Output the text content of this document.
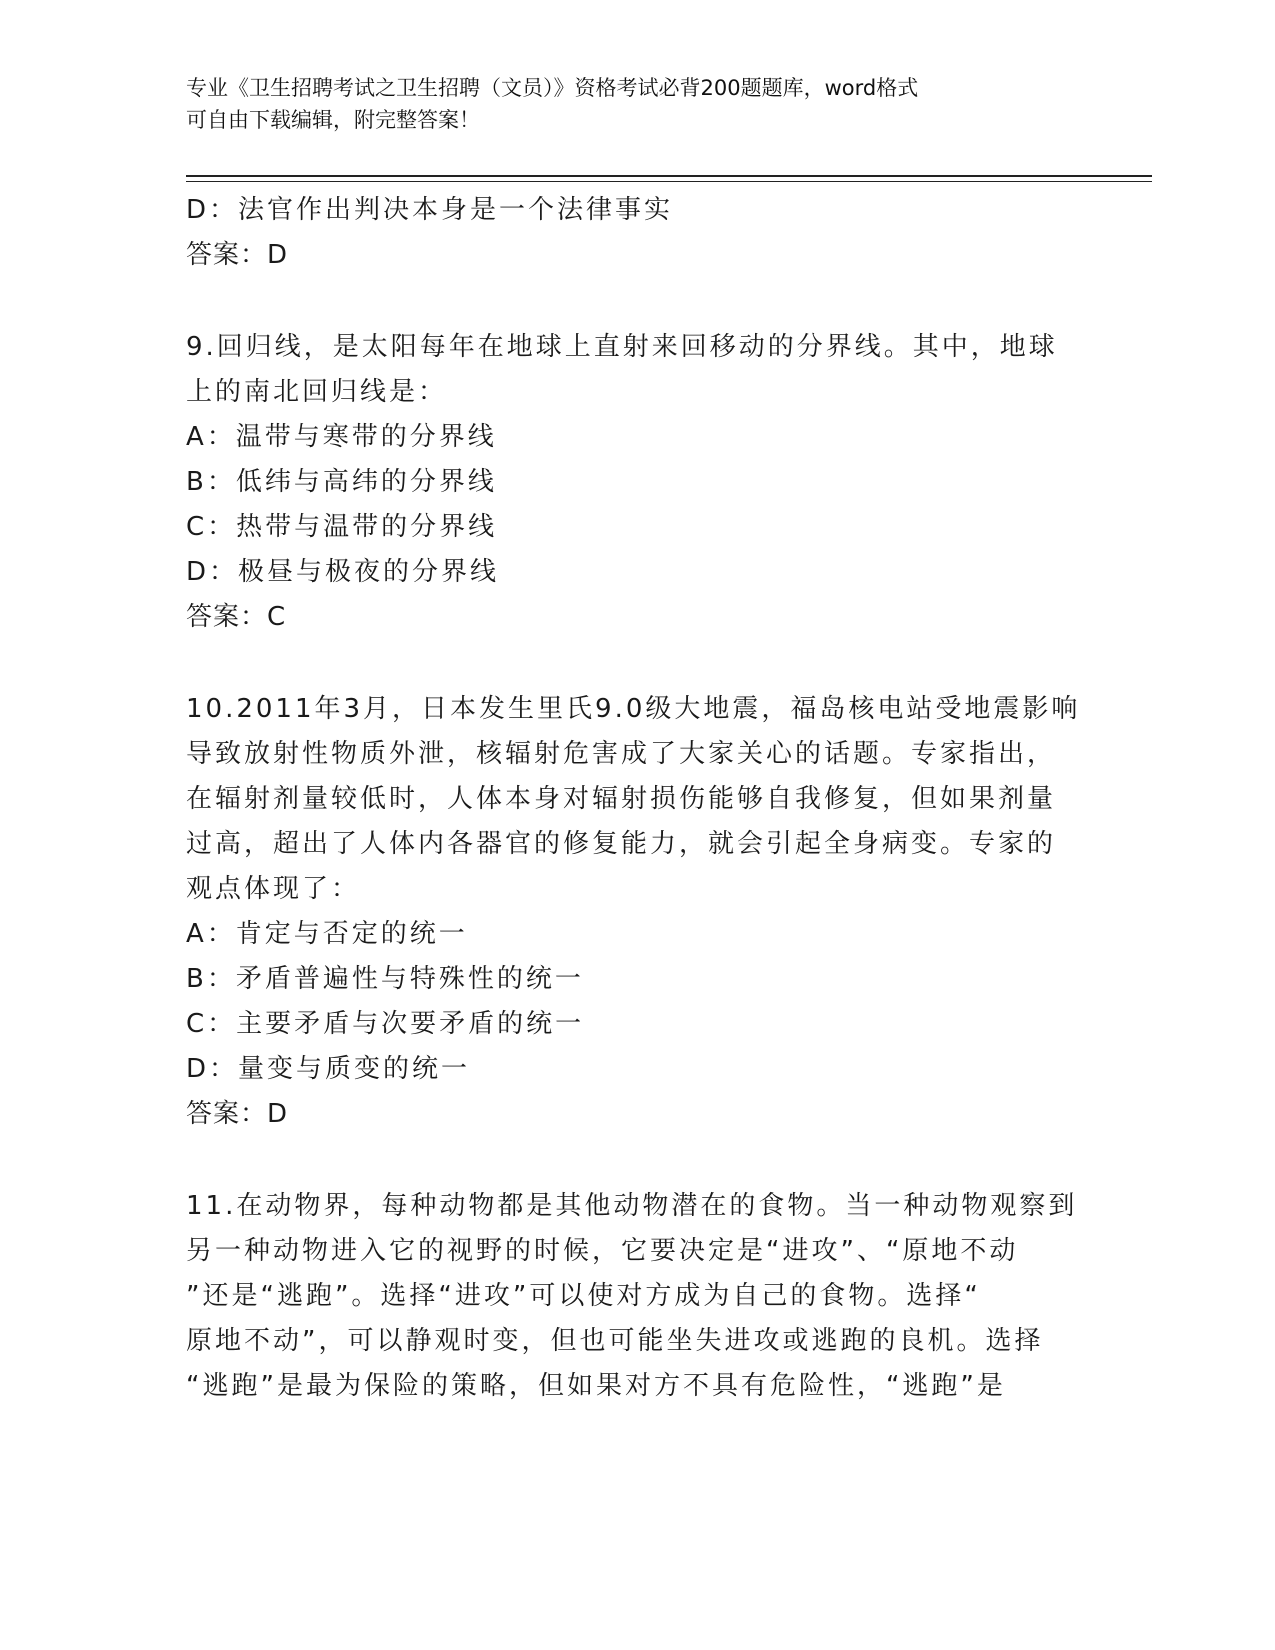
专业《卫生招聘考试之卫生招聘（文员）》资格考试必背200题题库，word格式

可自由下载编辑，附完整答案！

D：法官作出判决本身是一个法律事实

答案：D

9.回归线，是太阳每年在地球上直射来回移动的分界线。其中，地球

上的南北回归线是：

A：温带与寒带的分界线

B：低纬与高纬的分界线

C：热带与温带的分界线

D：极昼与极夜的分界线

答案：C

10.2011年3月，日本发生里氏9.0级大地震，福岛核电站受地震影响

导致放射性物质外泄，核辐射危害成了大家关心的话题。专家指出，

在辐射剂量较低时，人体本身对辐射损伤能够自我修复，但如果剂量

过高，超出了人体内各器官的修复能力，就会引起全身病变。专家的

观点体现了：

A：肯定与否定的统一

B：矛盾普遍性与特殊性的统一

C：主要矛盾与次要矛盾的统一

D：量变与质变的统一

答案：D

11.在动物界，每种动物都是其他动物潜在的食物。当一种动物观察到

另一种动物进入它的视野的时候，它要决定是“进攻”、“原地不动

”还是“逃跑”。选择“进攻”可以使对方成为自己的食物。选择“

原地不动”，可以静观时变，但也可能坐失进攻或逃跑的良机。选择

“逃跑”是最为保险的策略，但如果对方不具有危险性，“逃跑”是
